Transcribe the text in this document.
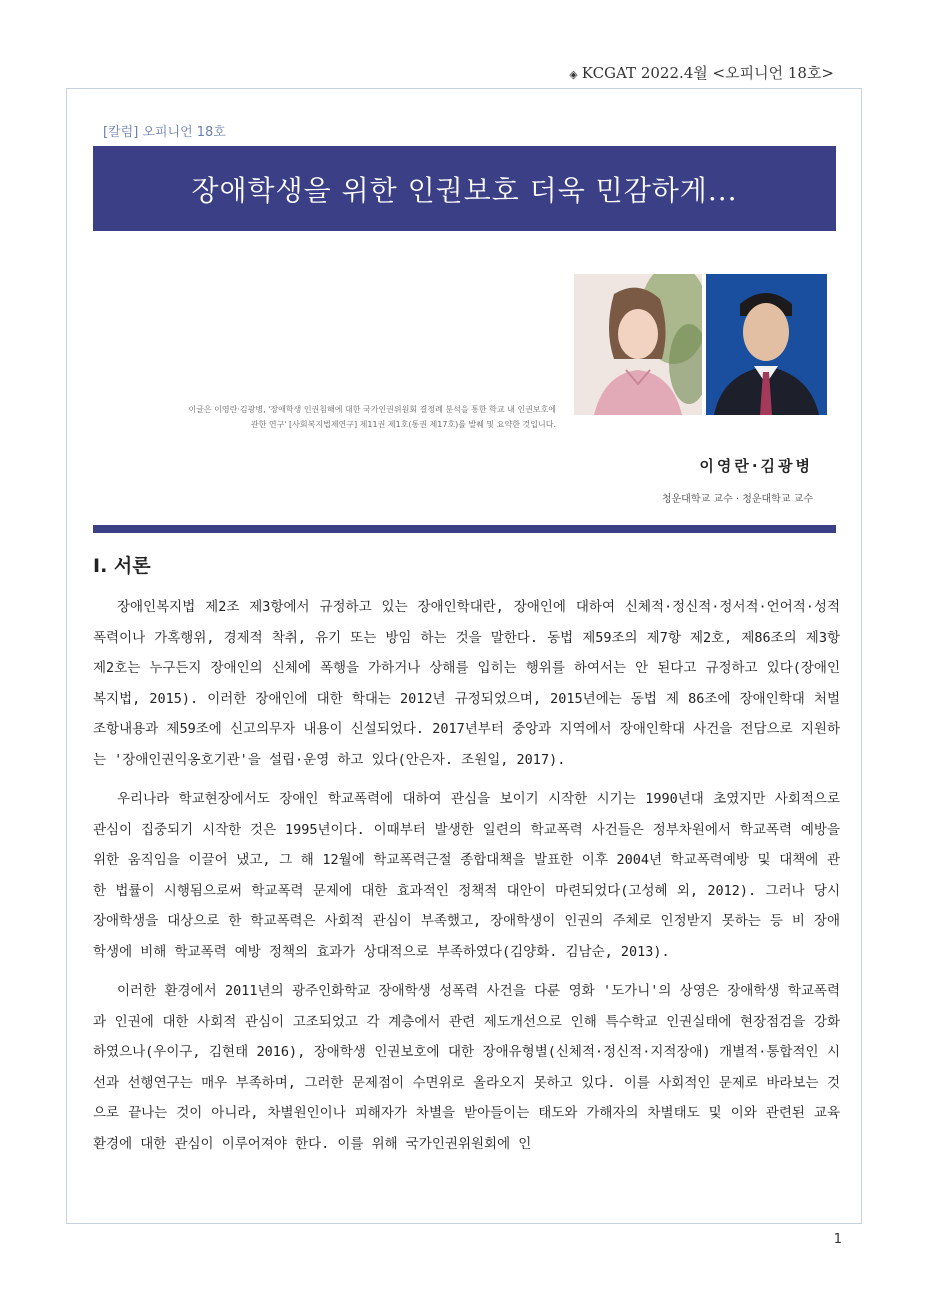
◈ KCGAT 2022.4월 <오피니언 18호>
[칼럼] 오피니언 18호
장애학생을 위한 인권보호 더욱 민감하게...
이글은 이영란·김광병, '장애학생 인권침해에 대한 국가인권위원회 결정례 분석을 통한 학교 내 인권보호에
관한 연구' [사회복지법제연구] 제11권 제1호(통권 제17호)를 발췌 및 요약한 것입니다.
이영란·김광병
청운대학교 교수 · 청운대학교 교수
Ⅰ. 서론

장애인복지법 제2조 제3항에서 규정하고 있는 장애인학대란, 장애인에 대하여 신체적·정신적·정서적·언어적·성적 폭력이나 가혹행위, 경제적 착취, 유기 또는 방임 하는 것을 말한다. 동법 제59조의 제7항 제2호, 제86조의 제3항 제2호는 누구든지 장애인의 신체에 폭행을 가하거나 상해를 입히는 행위를 하여서는 안 된다고 규정하고 있다(장애인복지법, 2015). 이러한 장애인에 대한 학대는 2012년 규정되었으며, 2015년에는 동법 제 86조에 장애인학대 처벌조항내용과 제59조에 신고의무자 내용이 신설되었다. 2017년부터 중앙과 지역에서 장애인학대 사건을 전담으로 지원하는 '장애인권익옹호기관'을 설립·운영 하고 있다(안은자. 조원일, 2017).

우리나라 학교현장에서도 장애인 학교폭력에 대하여 관심을 보이기 시작한 시기는 1990년대 초였지만 사회적으로 관심이 집중되기 시작한 것은 1995년이다. 이때부터 발생한 일련의 학교폭력 사건들은 정부차원에서 학교폭력 예방을 위한 움직임을 이끌어 냈고, 그 해 12월에 학교폭력근절 종합대책을 발표한 이후 2004년 학교폭력예방 및 대책에 관한 법률이 시행됨으로써 학교폭력 문제에 대한 효과적인 정책적 대안이 마련되었다(고성혜 외, 2012). 그러나 당시 장애학생을 대상으로 한 학교폭력은 사회적 관심이 부족했고, 장애학생이 인권의 주체로 인정받지 못하는 등 비 장애학생에 비해 학교폭력 예방 정책의 효과가 상대적으로 부족하였다(김양화. 김남순, 2013).

이러한 환경에서 2011년의 광주인화학교 장애학생 성폭력 사건을 다룬 영화 '도가니'의 상영은 장애학생 학교폭력과 인권에 대한 사회적 관심이 고조되었고 각 계층에서 관련 제도개선으로 인해 특수학교 인권실태에 현장점검을 강화하였으나(우이구, 김현태 2016), 장애학생 인권보호에 대한 장애유형별(신체적·정신적·지적장애) 개별적·통합적인 시선과 선행연구는 매우 부족하며, 그러한 문제점이 수면위로 올라오지 못하고 있다. 이를 사회적인 문제로 바라보는 것으로 끝나는 것이 아니라, 차별원인이나 피해자가 차별을 받아들이는 태도와 가해자의 차별태도 및 이와 관련된 교육환경에 대한 관심이 이루어져야 한다. 이를 위해 국가인권위원회에 인

1
